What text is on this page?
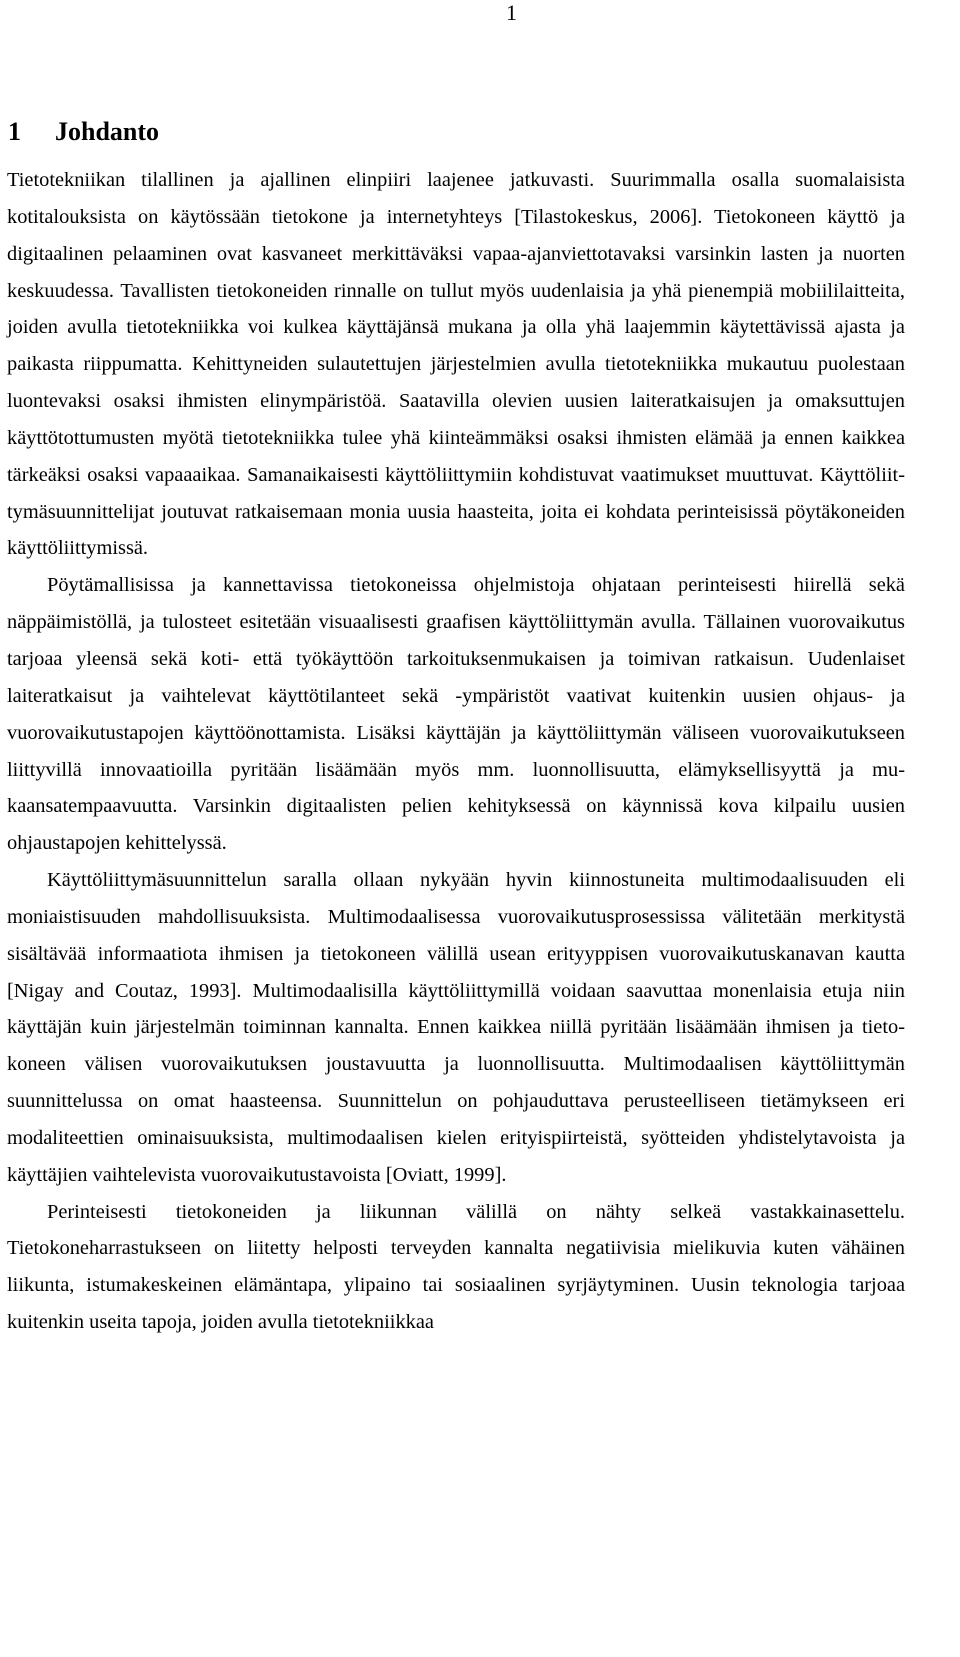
1
1 Johdanto

Tietotekniikan tilallinen ja ajallinen elinpiiri laajenee jatkuvasti. Suurimmalla osalla suomalaisista kotitalouksista on käytössään tietokone ja internetyhteys [Tilastokeskus, 2006]. Tietokoneen käyttö ja digitaalinen pelaaminen ovat kasvaneet merkittäväksi vapaa-ajanviettotavaksi varsinkin lasten ja nuorten keskuudessa. Tavallisten tietokoneiden rinnalle on tullut myös uudenlaisia ja yhä pienempiä mobiililaitteita, joiden avulla tietotekniikka voi kulkea käyttäjänsä mukana ja olla yhä laajemmin käytettävissä ajasta ja paikasta riippumatta. Kehittyneiden sulautettujen järjestelmien avulla tietotekniikka mukautuu puolestaan luontevaksi osaksi ihmisten elinympäristöä. Saatavilla olevien uusien laiteratkaisujen ja omaksuttujen käyttötottumusten myötä tietotekniikka tulee yhä kiinteämmäksi osaksi ihmisten elämää ja ennen kaikkea tärkeäksi osaksi vapaaaikaa. Samanaikaisesti käyttöliittymiin kohdistuvat vaatimukset muuttuvat. Käyttöliittymäsuunnittelijat joutuvat ratkaisemaan monia uusia haasteita, joita ei kohdata perinteisissä pöytäkoneiden käyttöliittymissä.

Pöytämallisissa ja kannettavissa tietokoneissa ohjelmistoja ohjataan perinteisesti hiirellä sekä näppäimistöllä, ja tulosteet esitetään visuaalisesti graafisen käyttöliittymän avulla. Tällainen vuorovaikutus tarjoaa yleensä sekä koti- että työkäyttöön tarkoituksenmukaisen ja toimivan ratkaisun. Uudenlaiset laiteratkaisut ja vaihtelevat käyttötilanteet sekä -ympäristöt vaativat kuitenkin uusien ohjaus- ja vuorovaikutustapojen käyttöönottamista. Lisäksi käyttäjän ja käyttöliittymän väliseen vuorovaikutukseen liittyvillä innovaatioilla pyritään lisäämään myös mm. luonnollisuutta, elämyksellisyyttä ja mukaansatempaavuutta. Varsinkin digitaalisten pelien kehityksessä on käynnissä kova kilpailu uusien ohjaustapojen kehittelyssä.

Käyttöliittymäsuunnittelun saralla ollaan nykyään hyvin kiinnostuneita multimodaalisuuden eli moniaistisuuden mahdollisuuksista. Multimodaalisessa vuorovaikutusprosessissa välitetään merkitystä sisältävää informaatiota ihmisen ja tietokoneen välillä usean erityyppisen vuorovaikutuskanavan kautta [Nigay and Coutaz, 1993]. Multimodaalisilla käyttöliittymillä voidaan saavuttaa monenlaisia etuja niin käyttäjän kuin järjestelmän toiminnan kannalta. Ennen kaikkea niillä pyritään lisäämään ihmisen ja tietokoneen välisen vuorovaikutuksen joustavuutta ja luonnollisuutta. Multimodaalisen käyttöliittymän suunnittelussa on omat haasteensa. Suunnittelun on pohjauduttava perusteelliseen tietämykseen eri modaliteettien ominaisuuksista, multimodaalisen kielen erityispiirteistä, syötteiden yhdistelytavoista ja käyttäjien vaihtelevista vuorovaikutustavoista [Oviatt, 1999].

Perinteisesti tietokoneiden ja liikunnan välillä on nähty selkeä vastakkainasettelu. Tietokoneharrastukseen on liitetty helposti terveyden kannalta negatiivisia mielikuvia kuten vähäinen liikunta, istumakeskeinen elämäntapa, ylipaino tai sosiaalinen syrjäytyminen. Uusin teknologia tarjoaa kuitenkin useita tapoja, joiden avulla tietotekniikkaa
